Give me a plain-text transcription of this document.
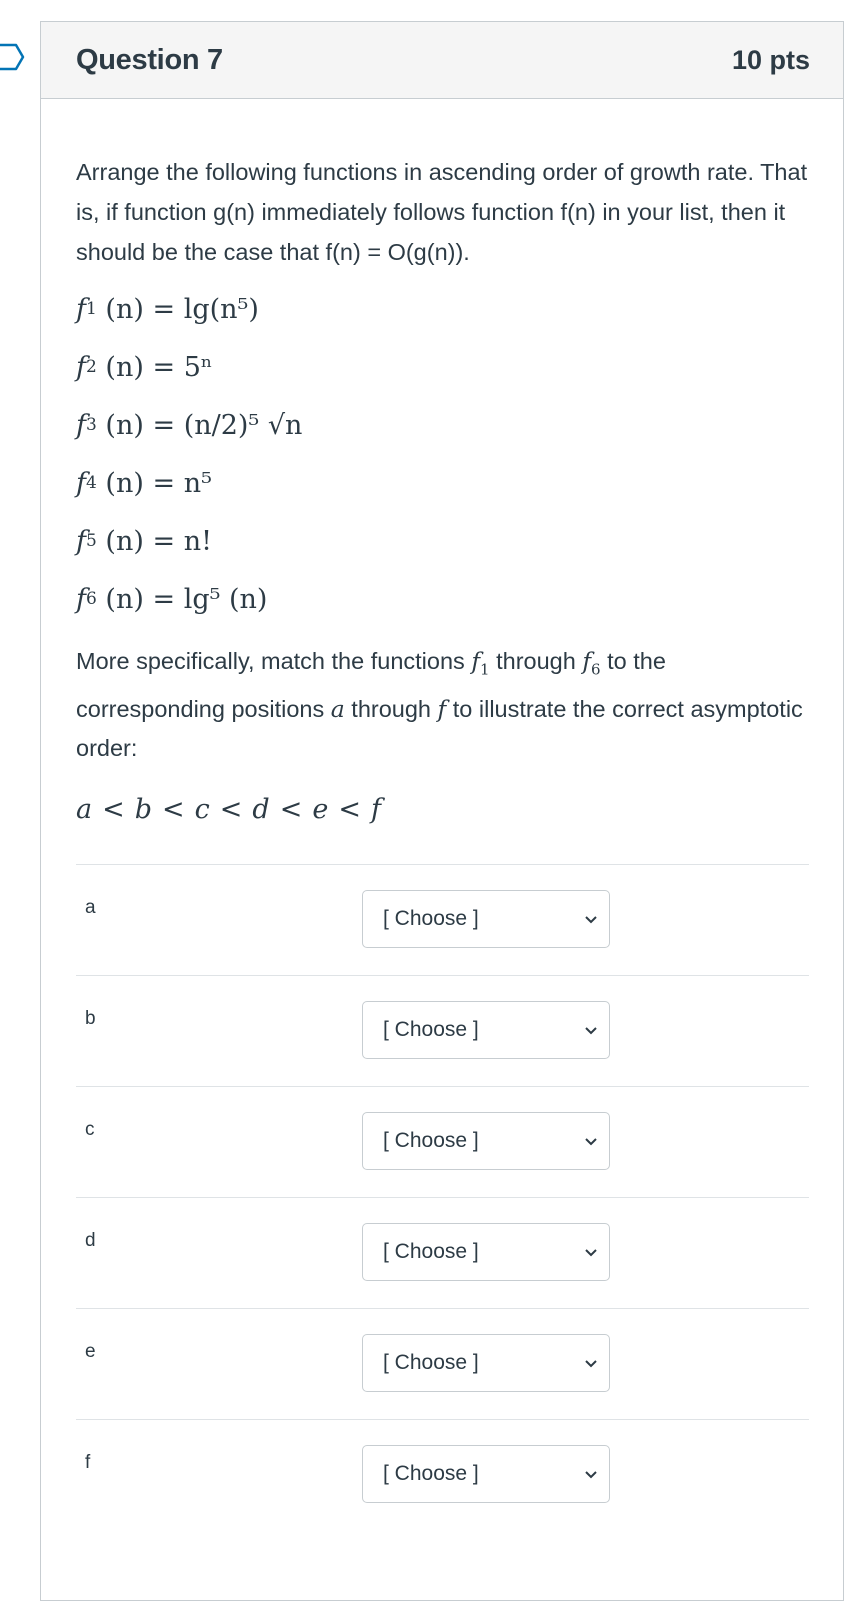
Question 7	10 pts

Arrange the following functions in ascending order of growth rate. That is, if function g(n) immediately follows function f(n) in your list, then it should be the case that f(n) = O(g(n)).

f 1
(n) =
lg(n⁵)
f 2
(n) =
5ⁿ
f 3
(n) =
(n/2)⁵ √n
f 4
(n) =
n⁵
f 5
(n) =
n!
f 6
(n) =
lg⁵ (n)

More specifically, match the functions $f_1$ through $f_6$ to the corresponding positions a through f to illustrate the correct asymptotic order:

a < b < c < d < e < f
a	[ Choose ]
b	[ Choose ]
c	[ Choose ]
d	[ Choose ]
e	[ Choose ]
f	[ Choose ]
